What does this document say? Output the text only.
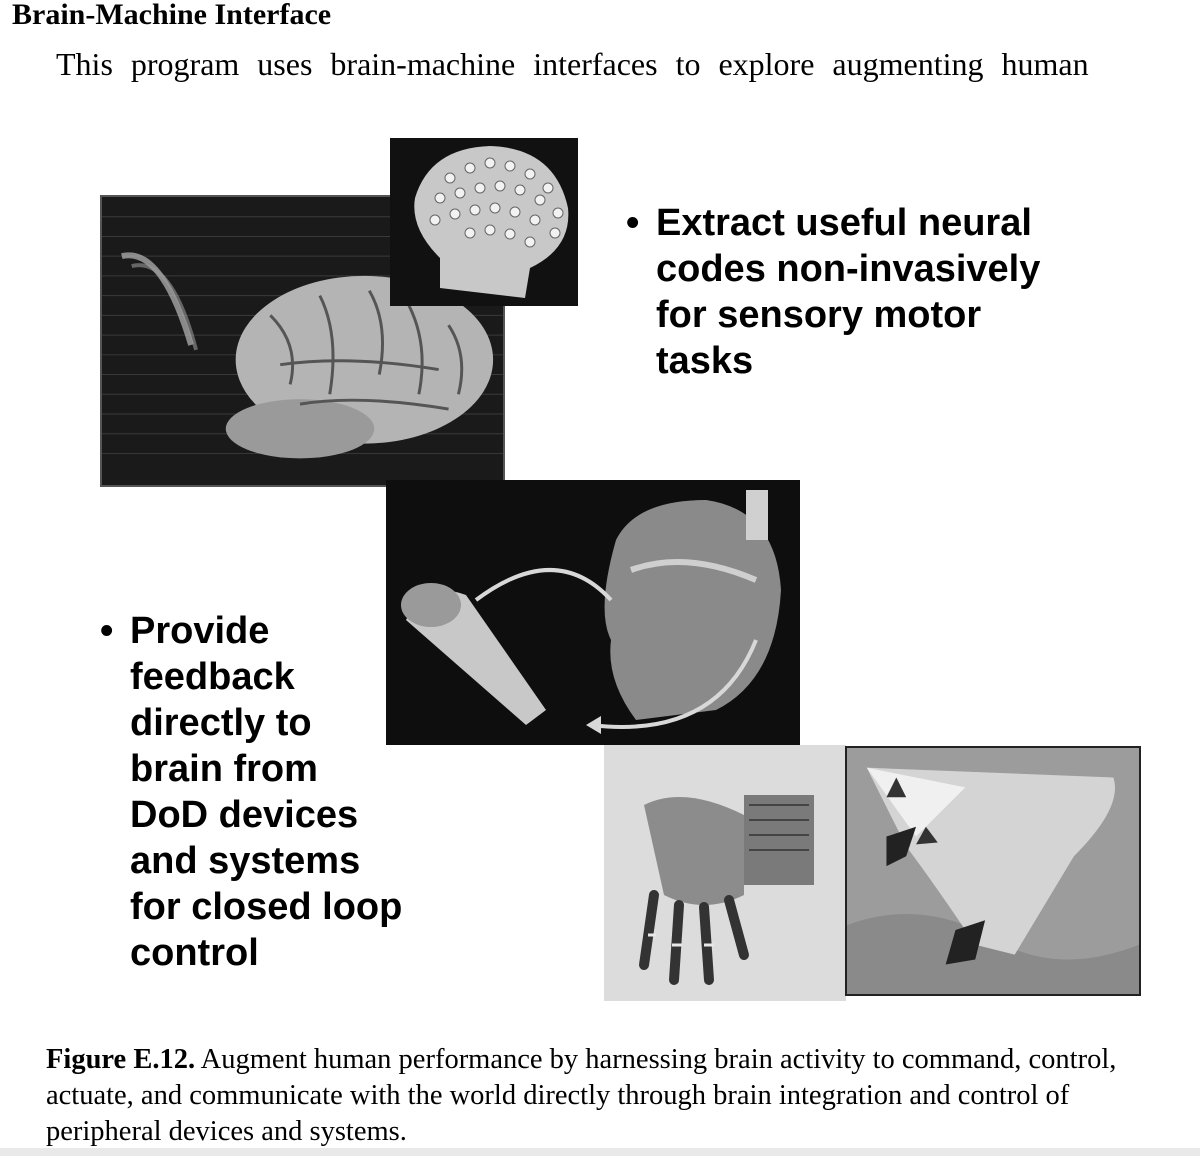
Brain-Machine Interface
This program uses brain-machine interfaces to explore augmenting human
• Extract useful neural
codes non-invasively
for sensory motor
tasks
• Provide
feedback
directly to
brain from
DoD devices
and systems
for closed loop
control
Figure E.12. Augment human performance by harnessing brain activity to command, control, actuate, and communicate with the world directly through brain integration and control of peripheral devices and systems.
